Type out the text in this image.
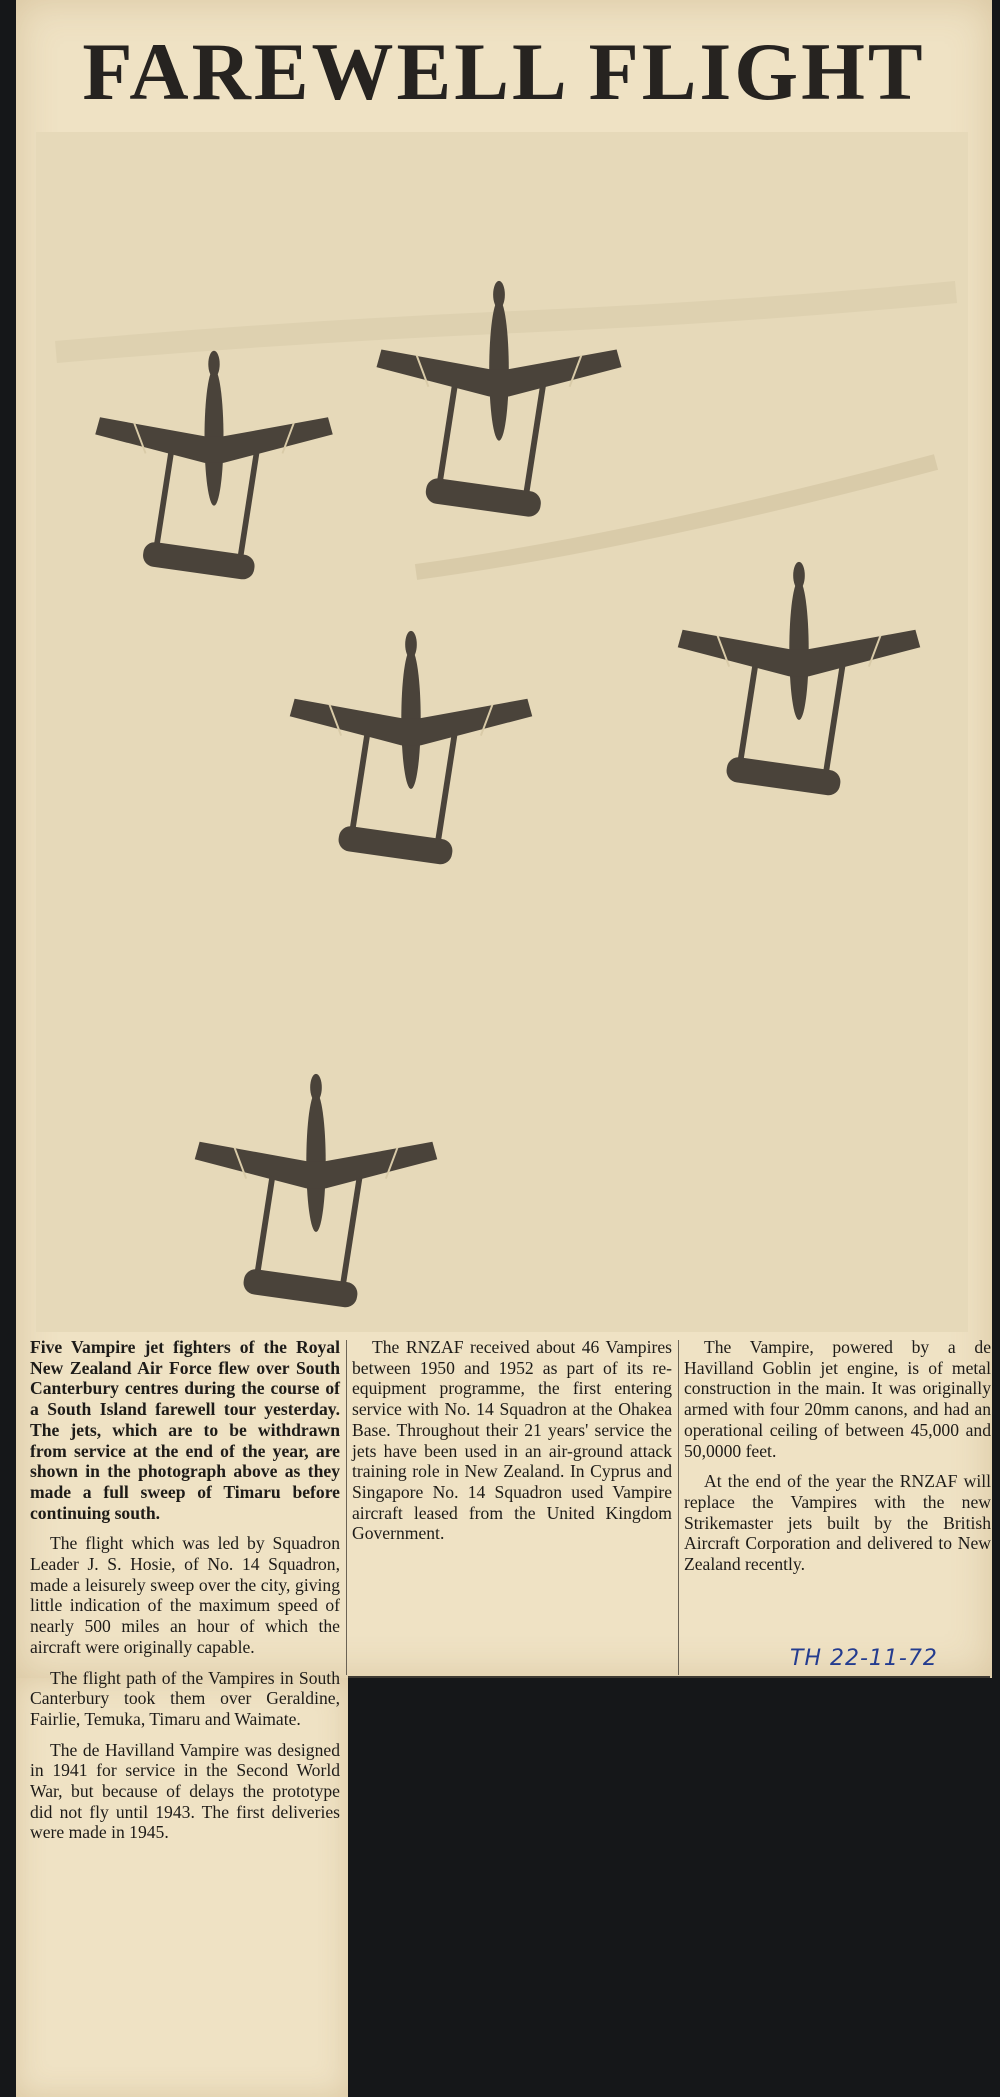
FAREWELL FLIGHT

Five Vampire jet fighters of the Royal New Zealand Air Force flew over South Canterbury centres during the course of a South Island farewell tour yesterday. The jets, which are to be withdrawn from service at the end of the year, are shown in the photograph above as they made a full sweep of Timaru before continuing south.

The flight which was led by Squadron Leader J. S. Hosie, of No. 14 Squadron, made a leisurely sweep over the city, giving little indication of the maximum speed of nearly 500 miles an hour of which the aircraft were originally capable.

The flight path of the Vampires in South Canterbury took them over Geraldine, Fairlie, Temuka, Timaru and Waimate.

The de Havilland Vampire was designed in 1941 for service in the Second World War, but because of delays the prototype did not fly until 1943. The first deliveries were made in 1945.

The RNZAF received about 46 Vampires between 1950 and 1952 as part of its re-equipment programme, the first entering service with No. 14 Squadron at the Ohakea Base. Throughout their 21 years' service the jets have been used in an air-ground attack training role in New Zealand. In Cyprus and Singapore No. 14 Squadron used Vampire aircraft leased from the United Kingdom Government.

The Vampire, powered by a de Havilland Goblin jet engine, is of metal construction in the main. It was originally armed with four 20mm canons, and had an operational ceiling of between 45,000 and 50,0000 feet.

At the end of the year the RNZAF will replace the Vampires with the new Strikemaster jets built by the British Aircraft Corporation and delivered to New Zealand recently.

TH 22-11-72
